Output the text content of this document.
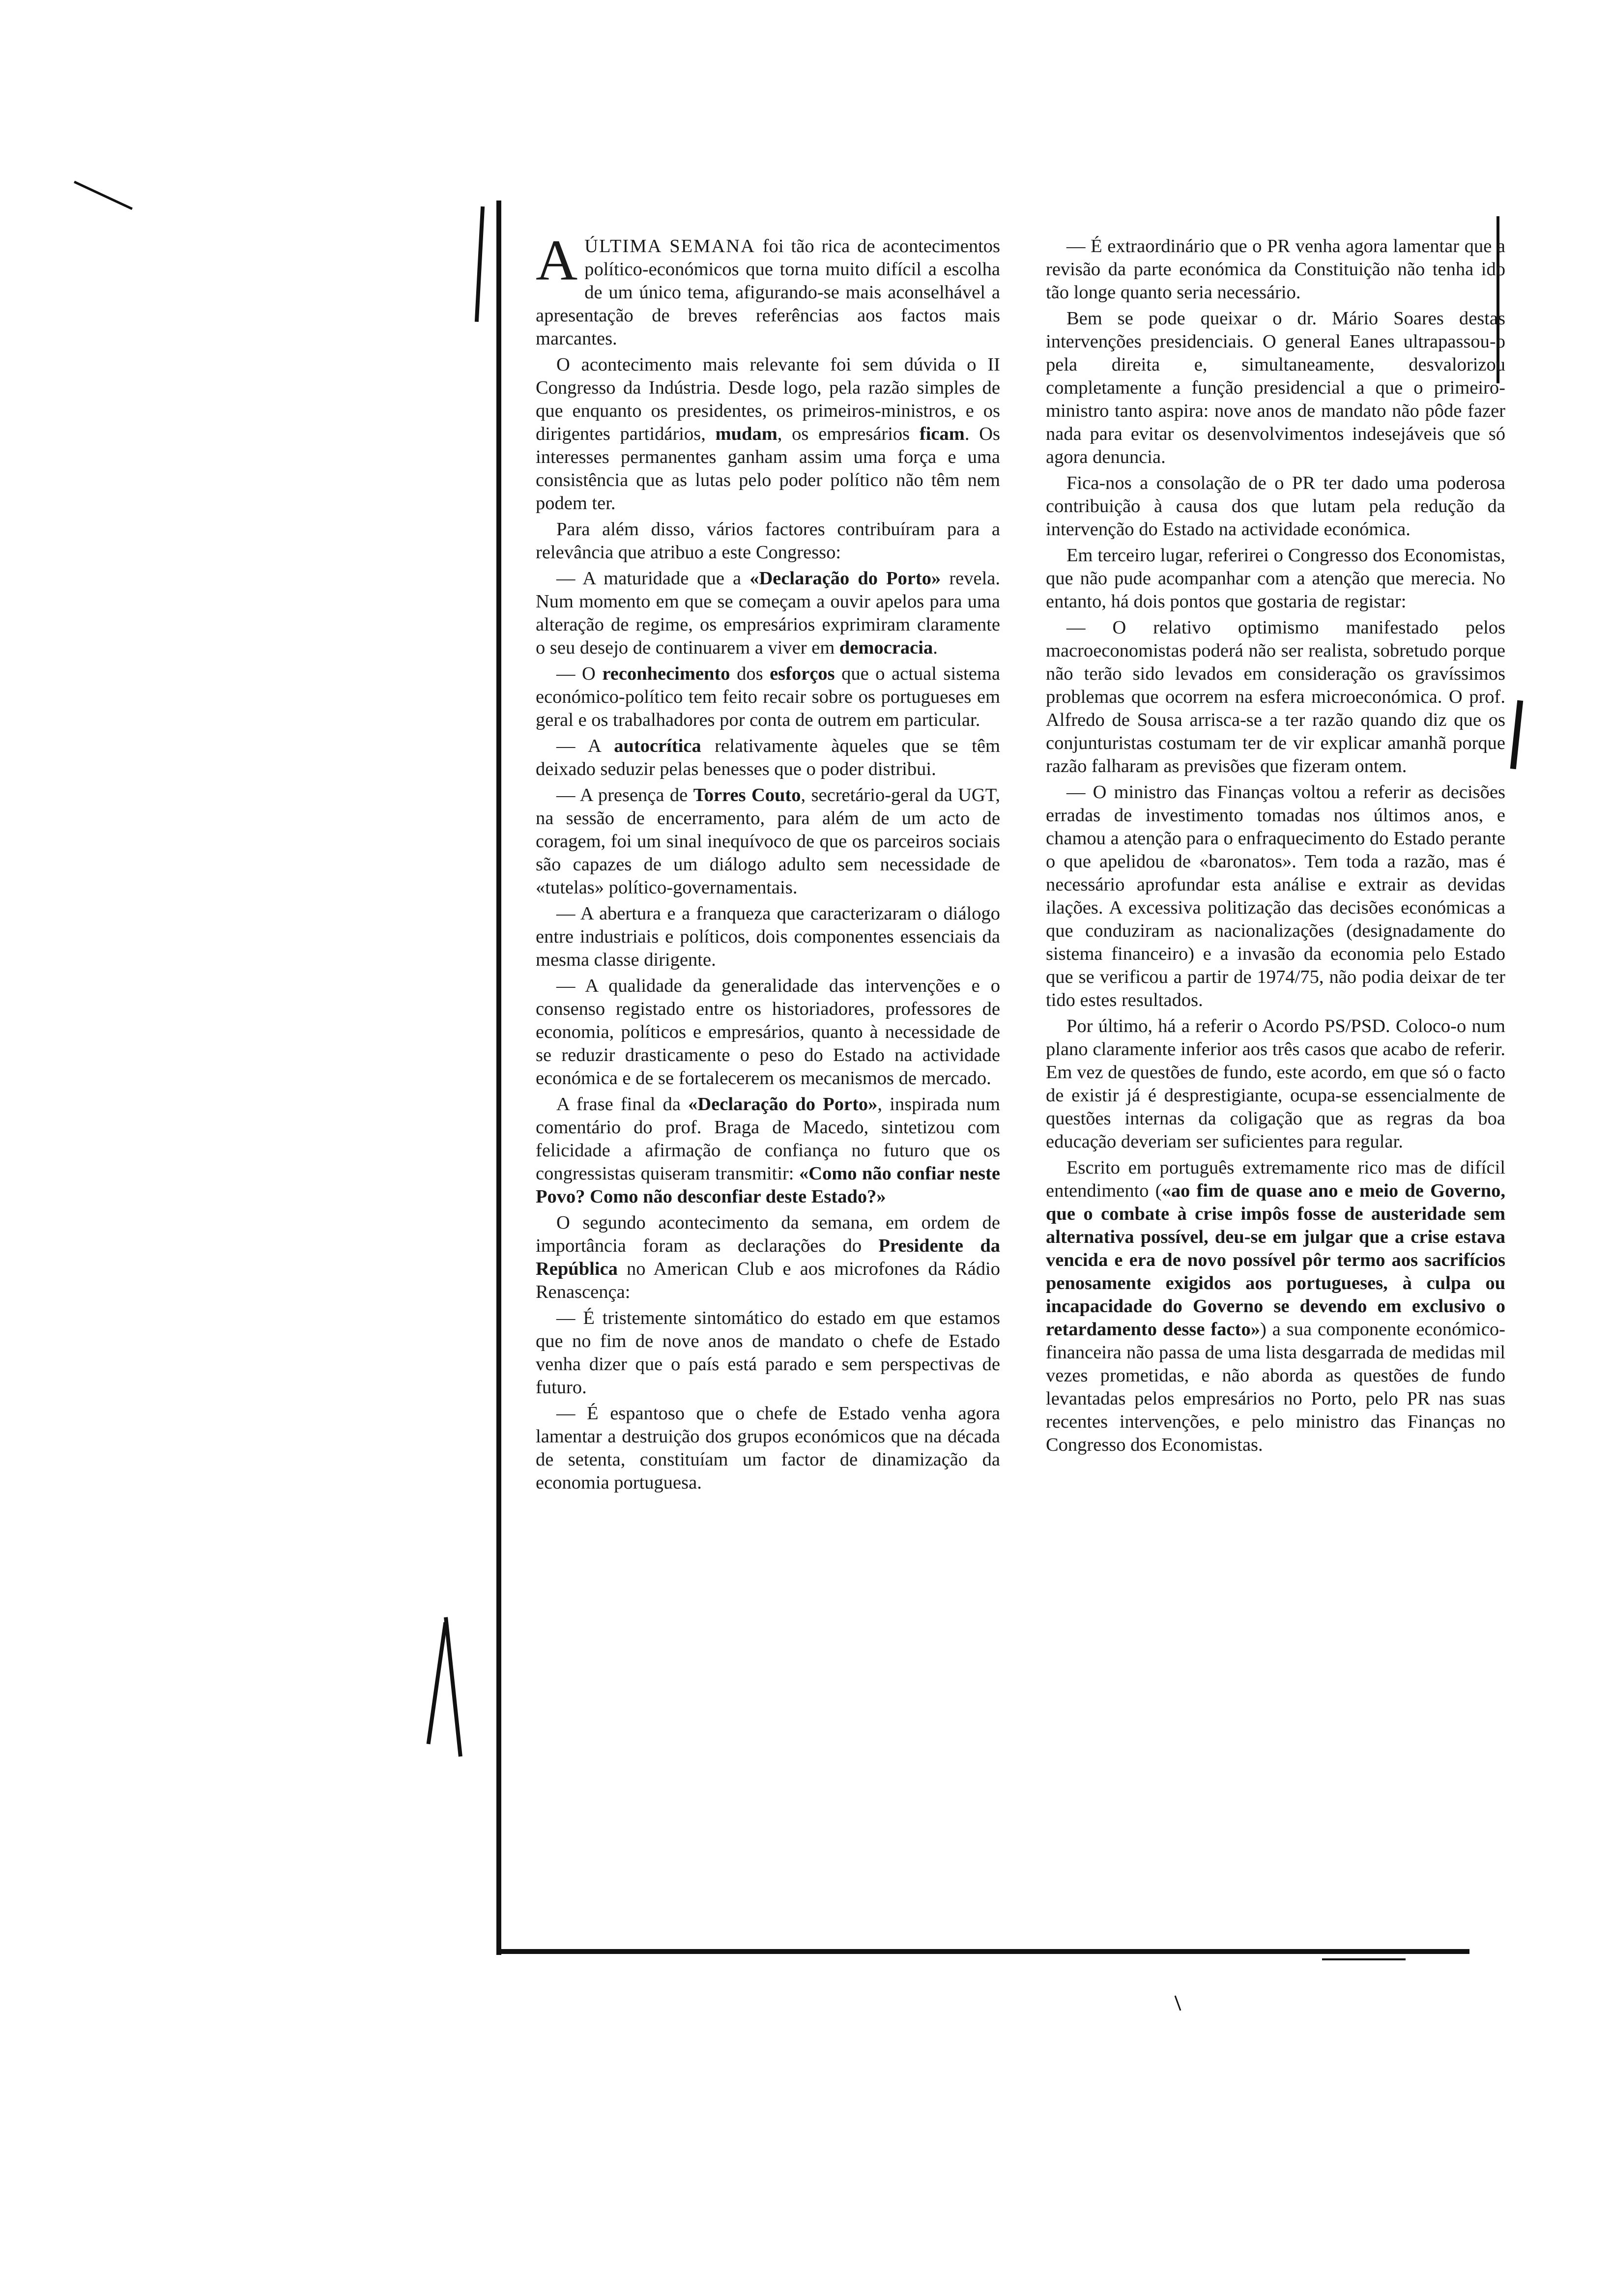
AÚLTIMA SEMANA foi tão rica de acontecimentos político-económicos que torna muito difícil a escolha de um único tema, afigurando-se mais aconselhável a apresentação de breves referências aos factos mais marcantes.

O acontecimento mais relevante foi sem dúvida o II Congresso da Indústria. Desde logo, pela razão simples de que enquanto os presidentes, os primeiros-ministros, e os dirigentes partidários, mudam, os empresários ficam. Os interesses permanentes ganham assim uma força e uma consistência que as lutas pelo poder político não têm nem podem ter.

Para além disso, vários factores contribuíram para a relevância que atribuo a este Congresso:

— A maturidade que a «Declaração do Porto» revela. Num momento em que se começam a ouvir apelos para uma alteração de regime, os empresários exprimiram claramente o seu desejo de continuarem a viver em democracia.

— O reconhecimento dos esforços que o actual sistema económico-político tem feito recair sobre os portugueses em geral e os trabalhadores por conta de outrem em particular.

— A autocrítica relativamente àqueles que se têm deixado seduzir pelas benesses que o poder distribui.

— A presença de Torres Couto, secretário-geral da UGT, na sessão de encerramento, para além de um acto de coragem, foi um sinal inequívoco de que os parceiros sociais são capazes de um diálogo adulto sem necessidade de «tutelas» político-governamentais.

— A abertura e a franqueza que caracterizaram o diálogo entre industriais e políticos, dois componentes essenciais da mesma classe dirigente.

— A qualidade da generalidade das intervenções e o consenso registado entre os historiadores, professores de economia, políticos e empresários, quanto à necessidade de se reduzir drasticamente o peso do Estado na actividade económica e de se fortalecerem os mecanismos de mercado.

A frase final da «Declaração do Porto», inspirada num comentário do prof. Braga de Macedo, sintetizou com felicidade a afirmação de confiança no futuro que os congressistas quiseram transmitir: «Como não confiar neste Povo? Como não desconfiar deste Estado?»

O segundo acontecimento da semana, em ordem de importância foram as declarações do Presidente da República no American Club e aos microfones da Rádio Renascença:

— É tristemente sintomático do estado em que estamos que no fim de nove anos de mandato o chefe de Estado venha dizer que o país está parado e sem perspectivas de futuro.

— É espantoso que o chefe de Estado venha agora lamentar a destruição dos grupos económicos que na década de setenta, constituíam um factor de dinamização da economia portuguesa.

— É extraordinário que o PR venha agora lamentar que a revisão da parte económica da Constituição não tenha ido tão longe quanto seria necessário.

Bem se pode queixar o dr. Mário Soares destas intervenções presidenciais. O general Eanes ultrapassou-o pela direita e, simultaneamente, desvalorizou completamente a função presidencial a que o primeiro-ministro tanto aspira: nove anos de mandato não pôde fazer nada para evitar os desenvolvimentos indesejáveis que só agora denuncia.

Fica-nos a consolação de o PR ter dado uma poderosa contribuição à causa dos que lutam pela redução da intervenção do Estado na actividade económica.

Em terceiro lugar, referirei o Congresso dos Economistas, que não pude acompanhar com a atenção que merecia. No entanto, há dois pontos que gostaria de registar:

— O relativo optimismo manifestado pelos macroeconomistas poderá não ser realista, sobretudo porque não terão sido levados em consideração os gravíssimos problemas que ocorrem na esfera microeconómica. O prof. Alfredo de Sousa arrisca-se a ter razão quando diz que os conjunturistas costumam ter de vir explicar amanhã porque razão falharam as previsões que fizeram ontem.

— O ministro das Finanças voltou a referir as decisões erradas de investimento tomadas nos últimos anos, e chamou a atenção para o enfraquecimento do Estado perante o que apelidou de «baronatos». Tem toda a razão, mas é necessário aprofundar esta análise e extrair as devidas ilações. A excessiva politização das decisões económicas a que conduziram as nacionalizações (designadamente do sistema financeiro) e a invasão da economia pelo Estado que se verificou a partir de 1974/75, não podia deixar de ter tido estes resultados.

Por último, há a referir o Acordo PS/PSD. Coloco-o num plano claramente inferior aos três casos que acabo de referir. Em vez de questões de fundo, este acordo, em que só o facto de existir já é desprestigiante, ocupa-se essencialmente de questões internas da coligação que as regras da boa educação deveriam ser suficientes para regular.

Escrito em português extremamente rico mas de difícil entendimento («ao fim de quase ano e meio de Governo, que o combate à crise impôs fosse de austeridade sem alternativa possível, deu-se em julgar que a crise estava vencida e era de novo possível pôr termo aos sacrifícios penosamente exigidos aos portugueses, à culpa ou incapacidade do Governo se devendo em exclusivo o retardamento desse facto») a sua componente económico-financeira não passa de uma lista desgarrada de medidas mil vezes prometidas, e não aborda as questões de fundo levantadas pelos empresários no Porto, pelo PR nas suas recentes intervenções, e pelo ministro das Finanças no Congresso dos Economistas.
